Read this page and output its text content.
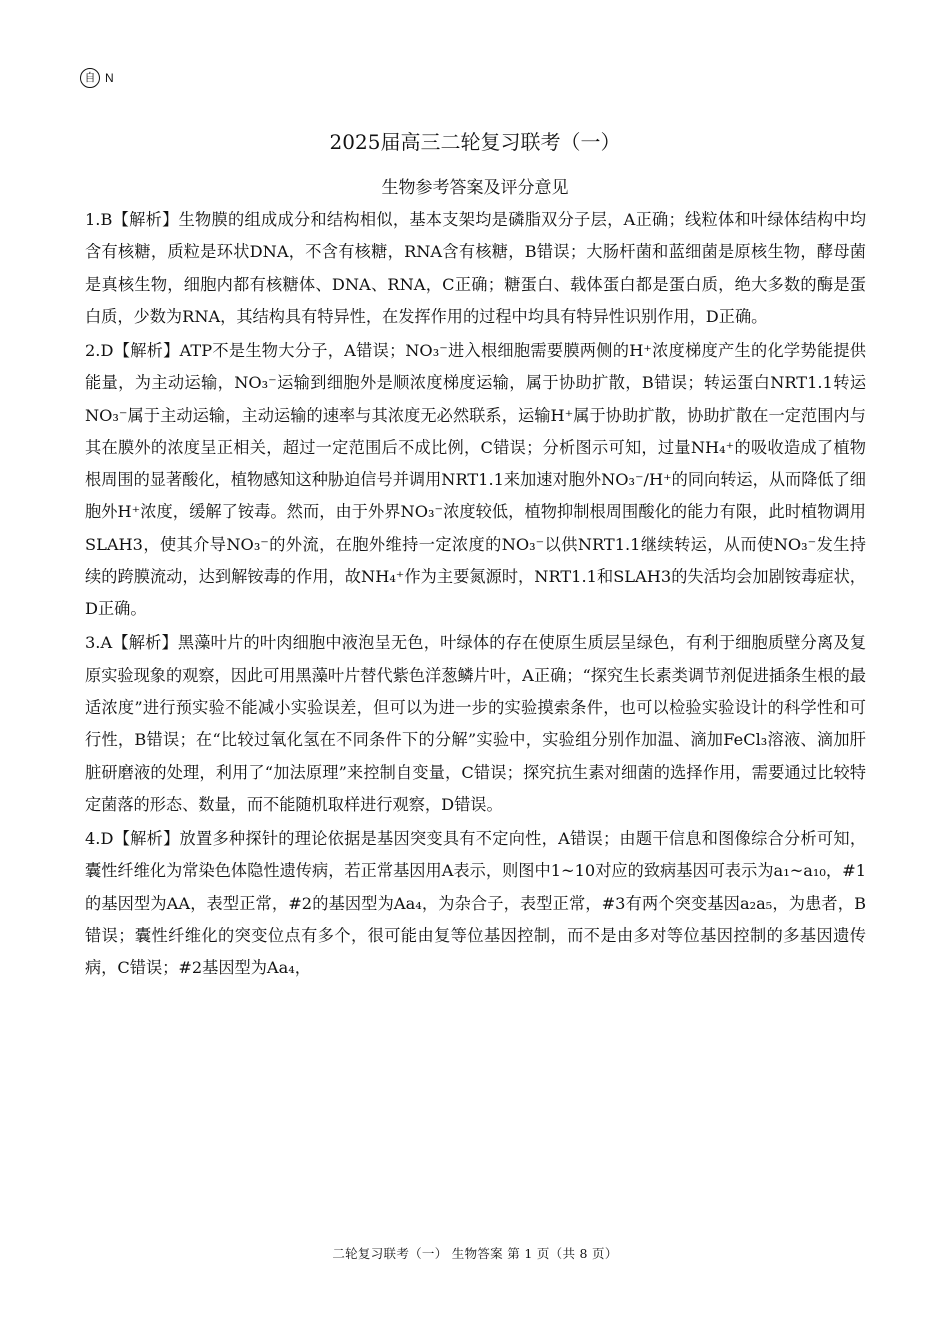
自 N
2025届高三二轮复习联考（一）
生物参考答案及评分意见

1.B【解析】生物膜的组成成分和结构相似，基本支架均是磷脂双分子层，A正确；线粒体和叶绿体结构中均含有核糖，质粒是环状DNA，不含有核糖，RNA含有核糖，B错误；大肠杆菌和蓝细菌是原核生物，酵母菌是真核生物，细胞内都有核糖体、DNA、RNA，C正确；糖蛋白、载体蛋白都是蛋白质，绝大多数的酶是蛋白质，少数为RNA，其结构具有特异性，在发挥作用的过程中均具有特异性识别作用，D正确。

2.D【解析】ATP不是生物大分子，A错误；NO₃⁻进入根细胞需要膜两侧的H⁺浓度梯度产生的化学势能提供能量，为主动运输，NO₃⁻运输到细胞外是顺浓度梯度运输，属于协助扩散，B错误；转运蛋白NRT1.1转运NO₃⁻属于主动运输，主动运输的速率与其浓度无必然联系，运输H⁺属于协助扩散，协助扩散在一定范围内与其在膜外的浓度呈正相关，超过一定范围后不成比例，C错误；分析图示可知，过量NH₄⁺的吸收造成了植物根周围的显著酸化，植物感知这种胁迫信号并调用NRT1.1来加速对胞外NO₃⁻/H⁺的同向转运，从而降低了细胞外H⁺浓度，缓解了铵毒。然而，由于外界NO₃⁻浓度较低，植物抑制根周围酸化的能力有限，此时植物调用SLAH3，使其介导NO₃⁻的外流，在胞外维持一定浓度的NO₃⁻以供NRT1.1继续转运，从而使NO₃⁻发生持续的跨膜流动，达到解铵毒的作用，故NH₄⁺作为主要氮源时，NRT1.1和SLAH3的失活均会加剧铵毒症状，D正确。

3.A【解析】黑藻叶片的叶肉细胞中液泡呈无色，叶绿体的存在使原生质层呈绿色，有利于细胞质壁分离及复原实验现象的观察，因此可用黑藻叶片替代紫色洋葱鳞片叶，A正确；“探究生长素类调节剂促进插条生根的最适浓度”进行预实验不能减小实验误差，但可以为进一步的实验摸索条件，也可以检验实验设计的科学性和可行性，B错误；在“比较过氧化氢在不同条件下的分解”实验中，实验组分别作加温、滴加FeCl₃溶液、滴加肝脏研磨液的处理，利用了“加法原理”来控制自变量，C错误；探究抗生素对细菌的选择作用，需要通过比较特定菌落的形态、数量，而不能随机取样进行观察，D错误。

4.D【解析】放置多种探针的理论依据是基因突变具有不定向性，A错误；由题干信息和图像综合分析可知，囊性纤维化为常染色体隐性遗传病，若正常基因用A表示，则图中1~10对应的致病基因可表示为a₁~a₁₀，#1的基因型为AA，表型正常，#2的基因型为Aa₄，为杂合子，表型正常，#3有两个突变基因a₂a₅，为患者，B错误；囊性纤维化的突变位点有多个，很可能由复等位基因控制，而不是由多对等位基因控制的多基因遗传病，C错误；#2基因型为Aa₄，

二轮复习联考（一） 生物答案 第 1 页（共 8 页）
